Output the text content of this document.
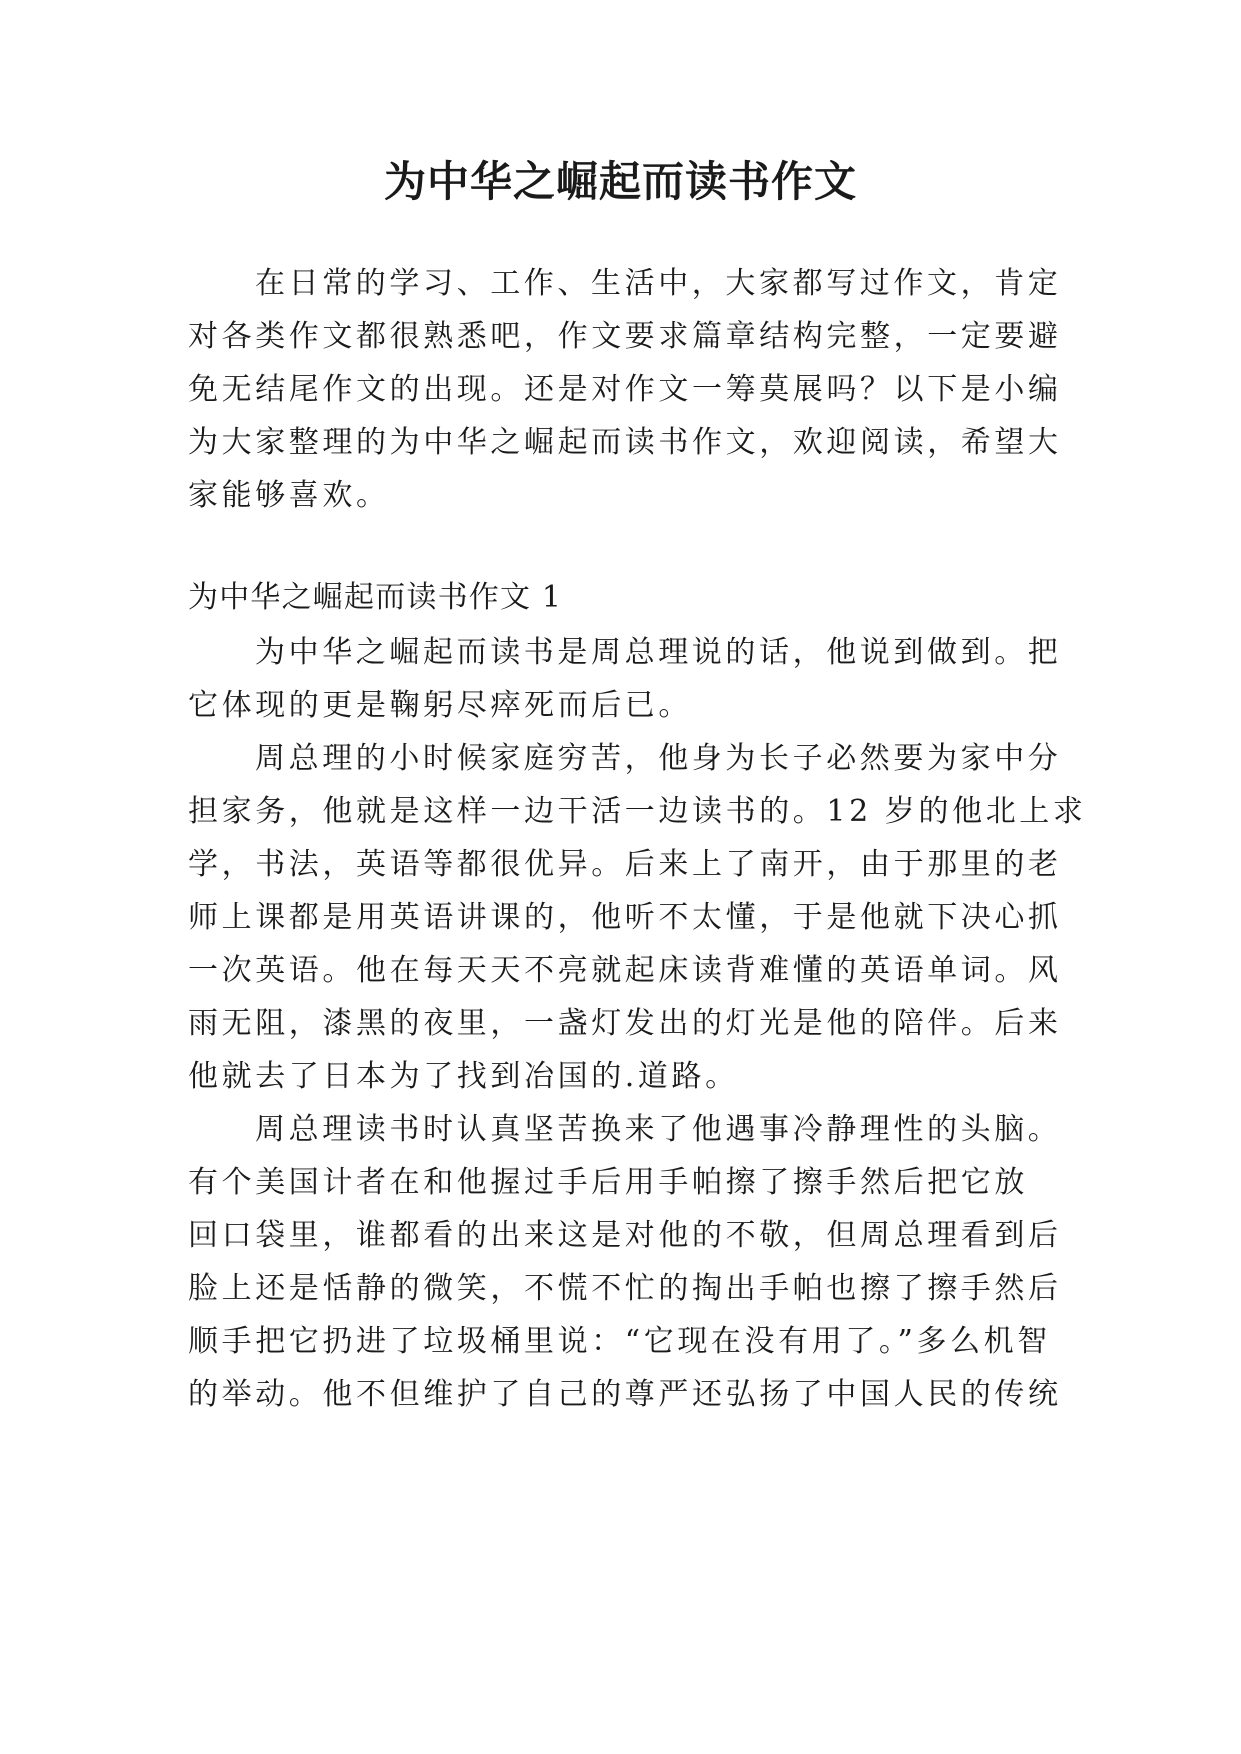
为中华之崛起而读书作文
在日常的学习、工作、生活中，大家都写过作文，肯定
对各类作文都很熟悉吧，作文要求篇章结构完整，一定要避
免无结尾作文的出现。还是对作文一筹莫展吗？以下是小编
为大家整理的为中华之崛起而读书作文，欢迎阅读，希望大
家能够喜欢。
为中华之崛起而读书作文 1
为中华之崛起而读书是周总理说的话，他说到做到。把
它体现的更是鞠躬尽瘁死而后已。
周总理的小时候家庭穷苦，他身为长子必然要为家中分
担家务，他就是这样一边干活一边读书的。12 岁的他北上求
学，书法，英语等都很优异。后来上了南开，由于那里的老
师上课都是用英语讲课的，他听不太懂，于是他就下决心抓
一次英语。他在每天天不亮就起床读背难懂的英语单词。风
雨无阻，漆黑的夜里，一盏灯发出的灯光是他的陪伴。后来
他就去了日本为了找到冶国的.道路。
周总理读书时认真坚苦换来了他遇事冷静理性的头脑。
有个美国计者在和他握过手后用手帕擦了擦手然后把它放
回口袋里，谁都看的出来这是对他的不敬，但周总理看到后
脸上还是恬静的微笑，不慌不忙的掏出手帕也擦了擦手然后
顺手把它扔进了垃圾桶里说：“它现在没有用了。”多么机智
的举动。他不但维护了自己的尊严还弘扬了中国人民的传统
